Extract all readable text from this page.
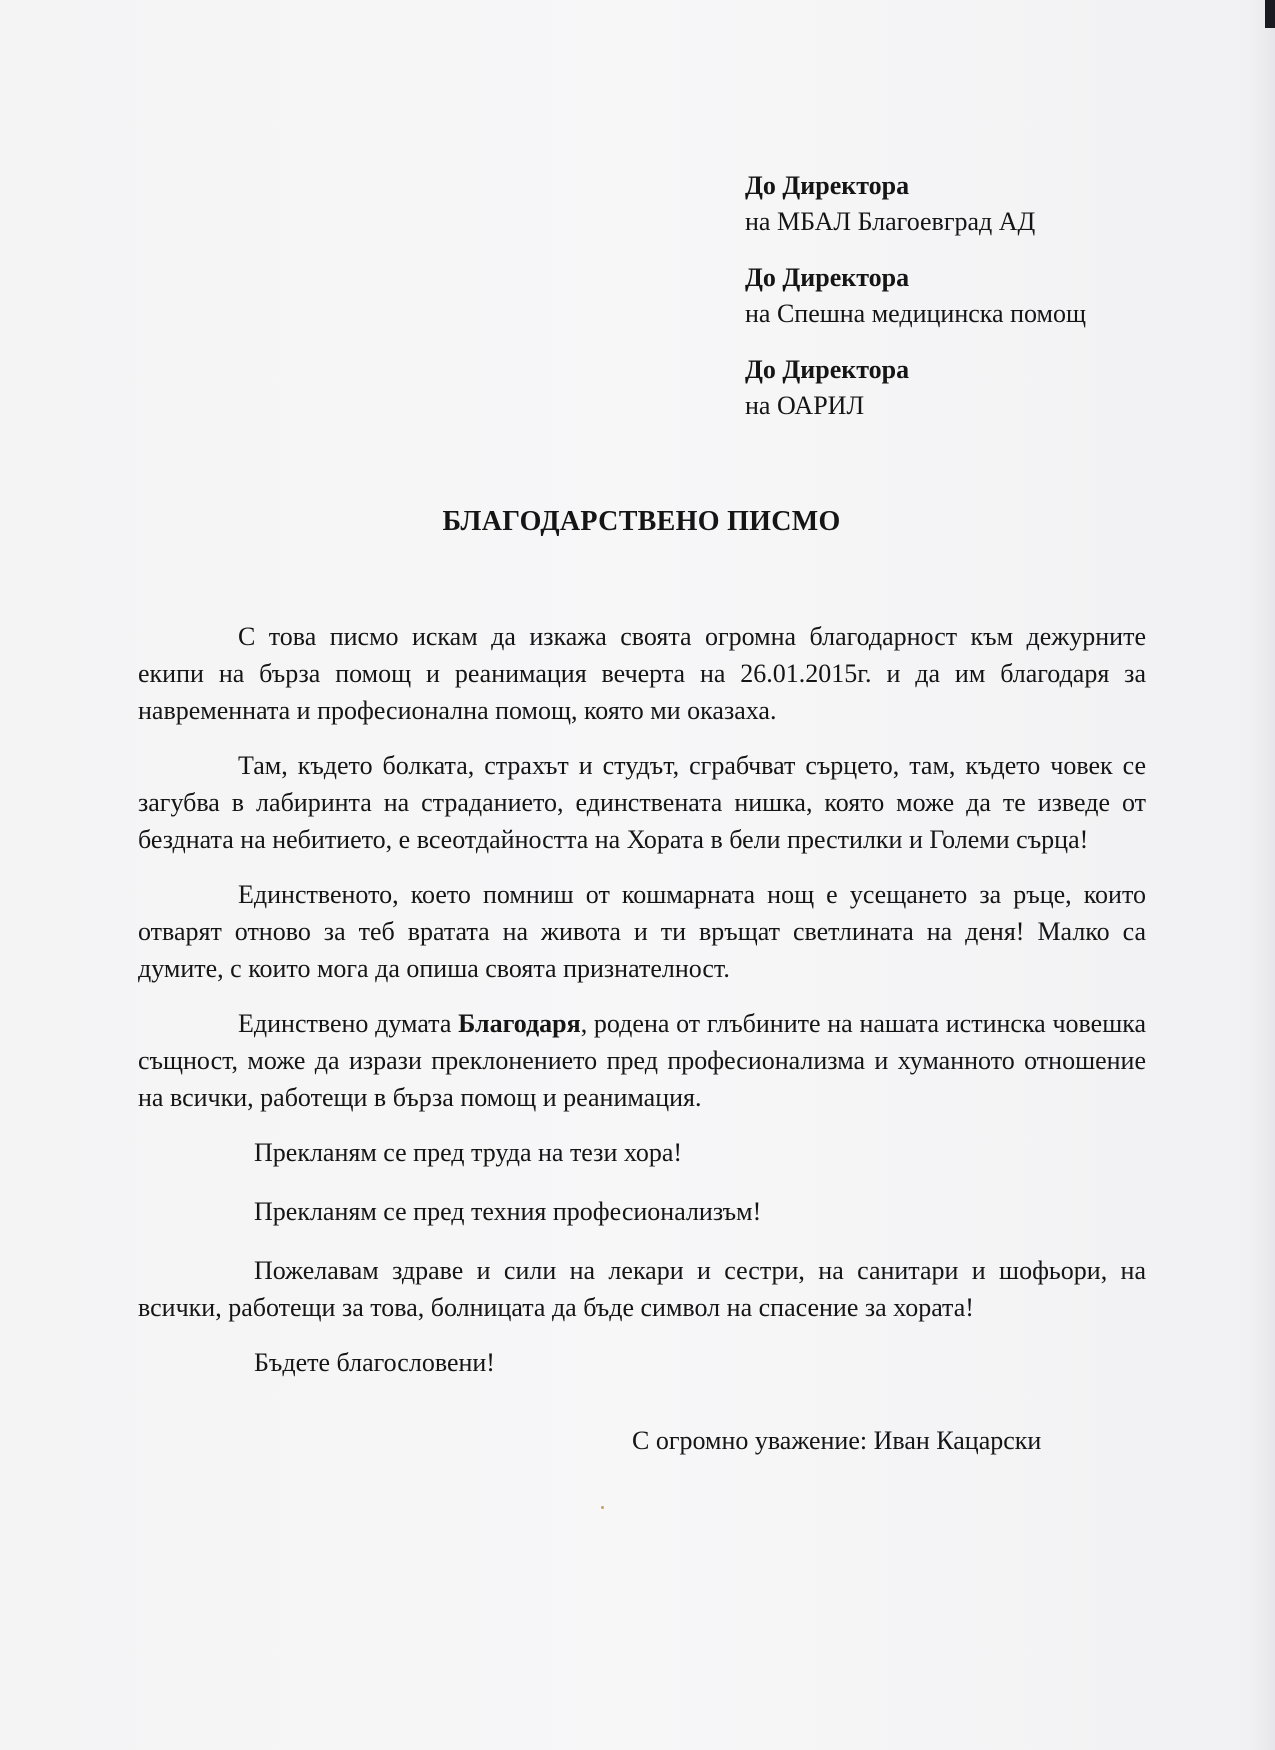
До Директора
на МБАЛ Благоевград АД
До Директора
на Спешна медицинска помощ
До Директора
на ОАРИЛ
БЛАГОДАРСТВЕНО ПИСМО

С това писмо искам да изкажа своята огромна благодарност към дежурните екипи на бърза помощ и реанимация вечерта на 26.01.2015г. и да им благодаря за навременната и професионална помощ, която ми оказаха.

Там, където болката, страхът и студът, сграбчват сърцето, там, където човек се загубва в лабиринта на страданието, единствената нишка, която може да те изведе от бездната на небитието, е всеотдайността на Хората в бели престилки и Големи сърца!

Единственото, което помниш от кошмарната нощ е усещането за ръце, които отварят отново за теб вратата на живота и ти връщат светлината на деня! Малко са думите, с които мога да опиша своята признателност.

Единствено думата Благодаря, родена от глъбините на нашата истинска човешка същност, може да изрази преклонението пред професионализма и хуманното отношение на всички, работещи в бърза помощ и реанимация.

Прекланям се пред труда на тези хора!

Прекланям се пред техния професионализъм!

Пожелавам здраве и сили на лекари и сестри, на санитари и шофьори, на всички, работещи за това, болницата да бъде символ на спасение за хората!

Бъдете благословени!

С огромно уважение: Иван Кацарски
